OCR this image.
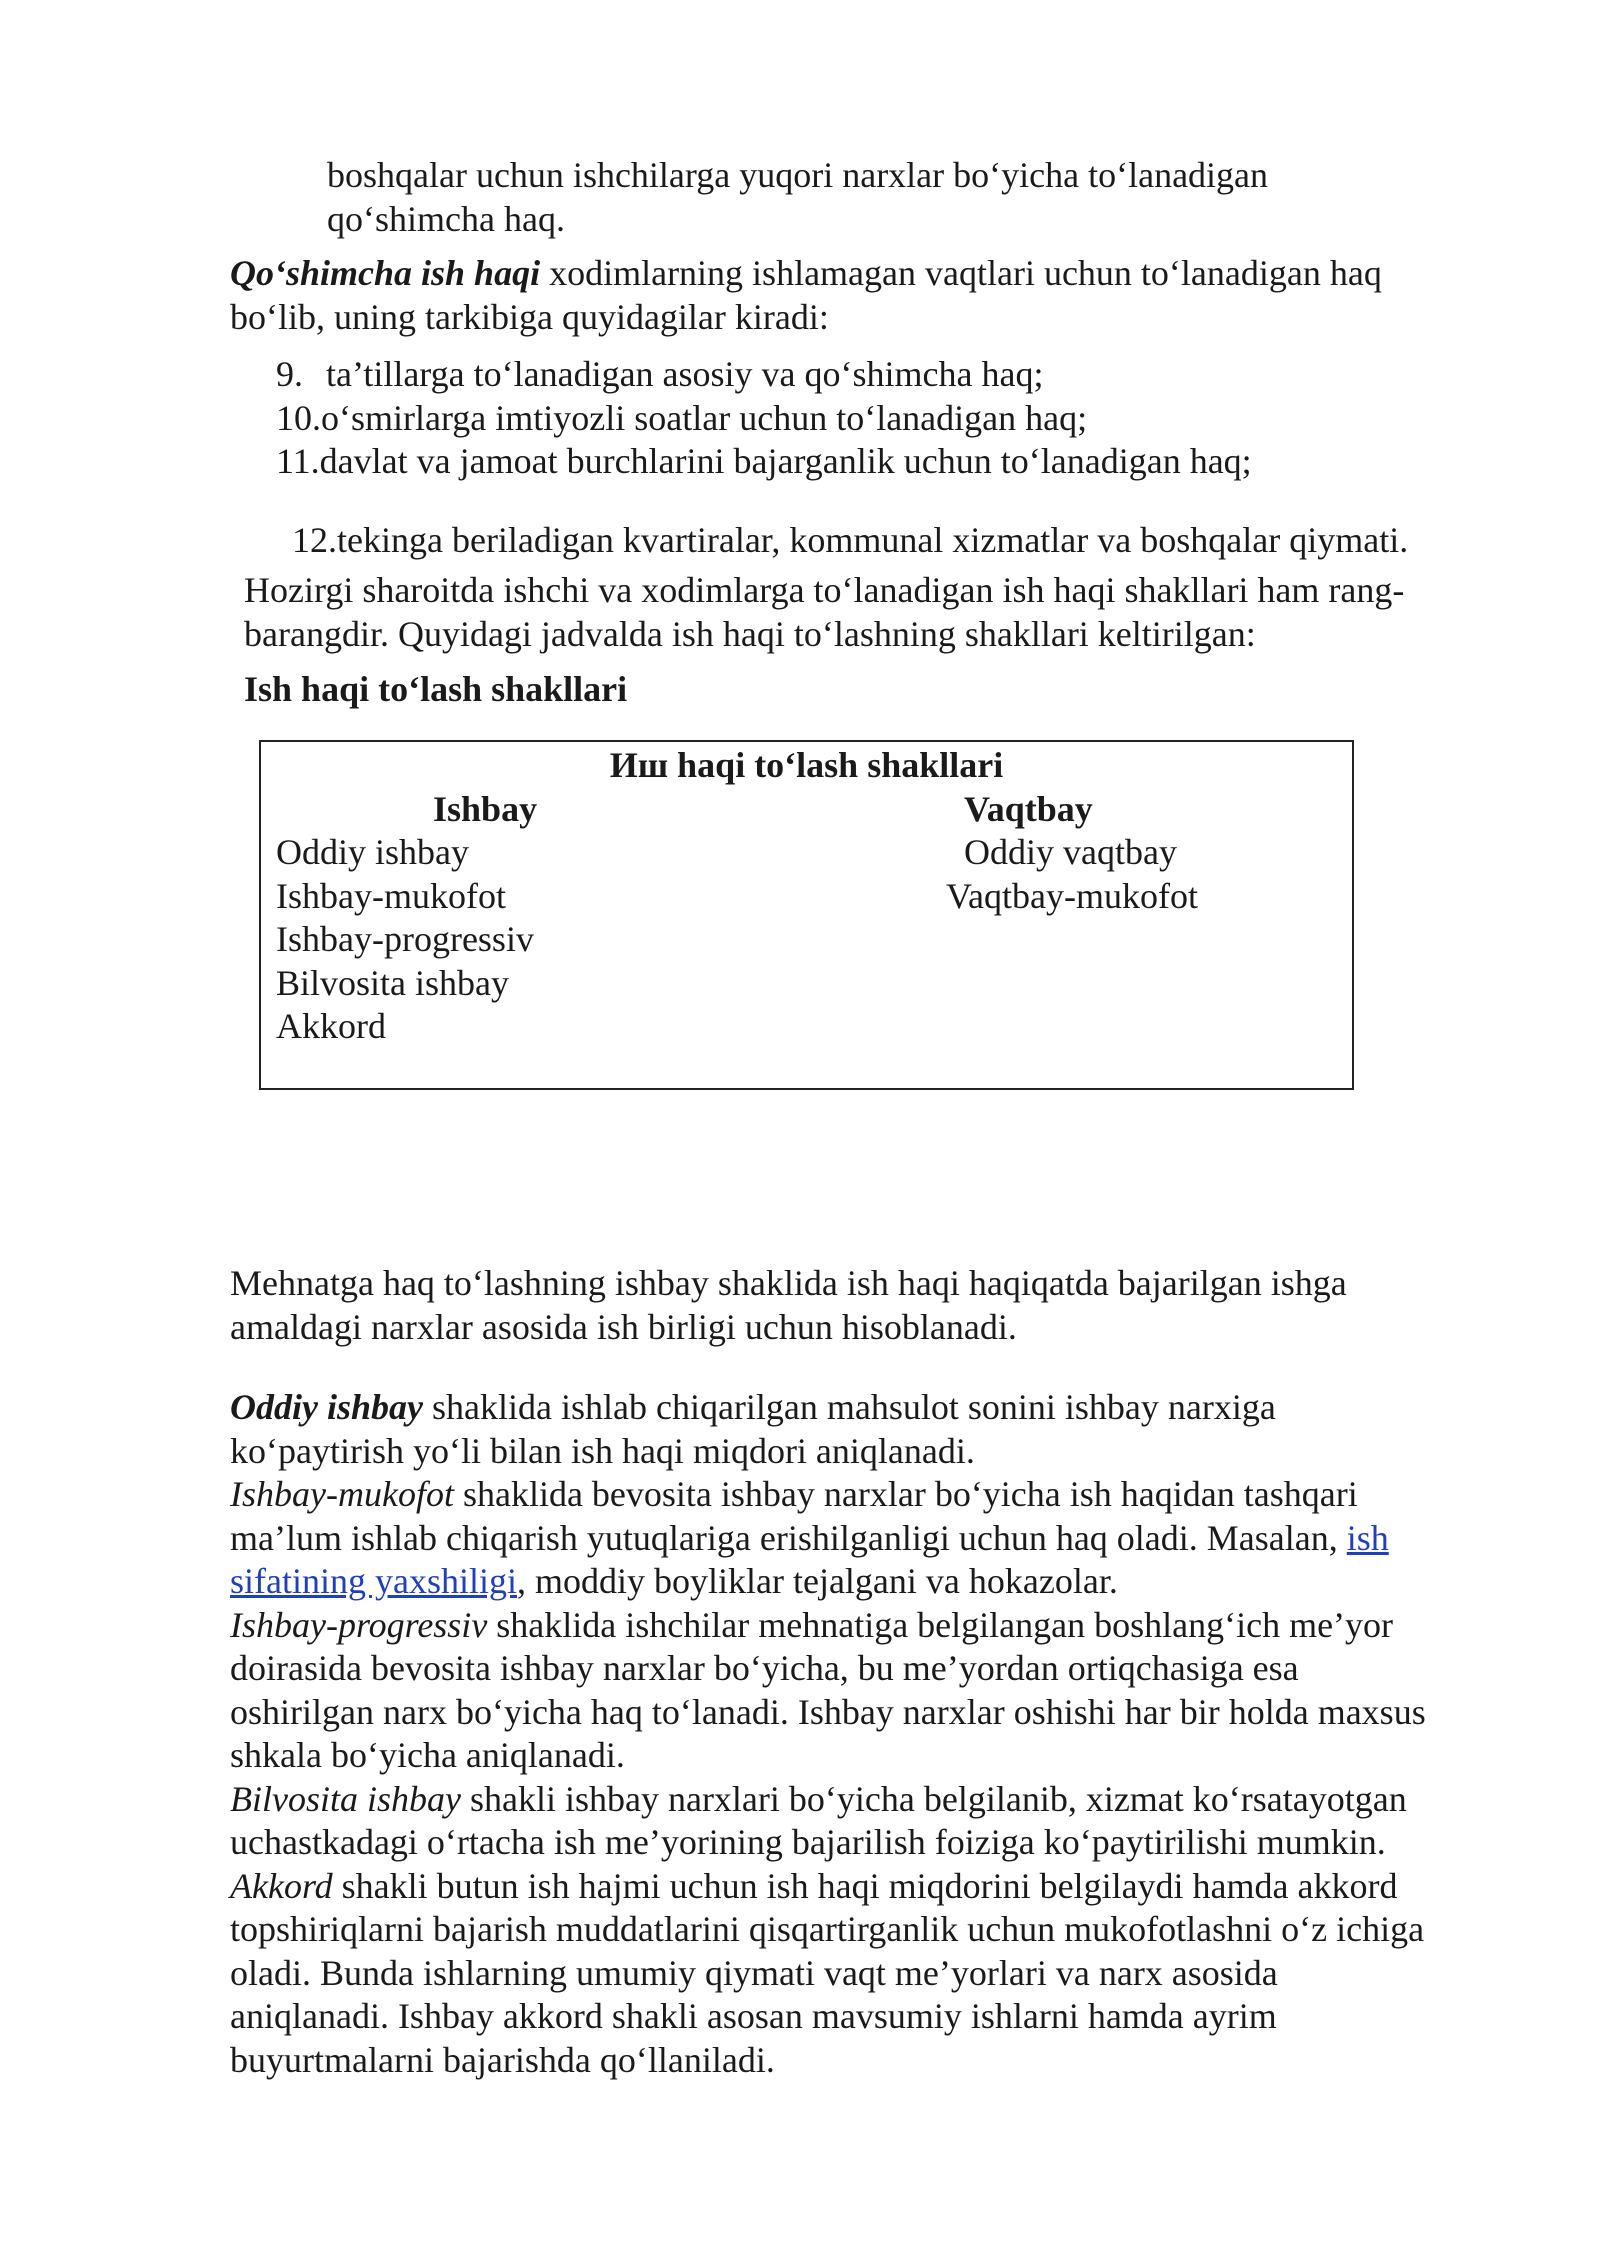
boshqalar uchun ishchilarga yuqori narxlar bo‘yicha to‘lanadigan
qo‘shimcha haq.

Qo‘shimcha ish haqi xodimlarning ishlamagan vaqtlari uchun to‘lanadigan haq
bo‘lib, uning tarkibiga quyidagilar kiradi:

9. ta’tillarga to‘lanadigan asosiy va qo‘shimcha haq;
10.o‘smirlarga imtiyozli soatlar uchun to‘lanadigan haq;
11.davlat va jamoat burchlarini bajarganlik uchun to‘lanadigan haq;
12.tekinga beriladigan kvartiralar, kommunal xizmatlar va boshqalar qiymati.

Hozirgi sharoitda ishchi va xodimlarga to‘lanadigan ish haqi shakllari ham rang-
barangdir. Quyidagi jadvalda ish haqi to‘lashning shakllari keltirilgan:

Ish haqi to‘lash shakllari

Иш haqi to‘lash shakllari
Ishbay	Vaqtbay
Oddiy ishbay
Ishbay-mukofot
Ishbay-progressiv
Bilvosita ishbay
Akkord
Oddiy vaqtbay
Vaqtbay-mukofot

Mehnatga haq to‘lashning ishbay shaklida ish haqi haqiqatda bajarilgan ishga
amaldagi narxlar asosida ish birligi uchun hisoblanadi.

Oddiy ishbay shaklida ishlab chiqarilgan mahsulot sonini ishbay narxiga
ko‘paytirish yo‘li bilan ish haqi miqdori aniqlanadi.
Ishbay-mukofot shaklida bevosita ishbay narxlar bo‘yicha ish haqidan tashqari
ma’lum ishlab chiqarish yutuqlariga erishilganligi uchun haq oladi. Masalan, ish
sifatining yaxshiligi, moddiy boyliklar tejalgani va hokazolar.
Ishbay-progressiv shaklida ishchilar mehnatiga belgilangan boshlang‘ich me’yor
doirasida bevosita ishbay narxlar bo‘yicha, bu me’yordan ortiqchasiga esa
oshirilgan narx bo‘yicha haq to‘lanadi. Ishbay narxlar oshishi har bir holda maxsus
shkala bo‘yicha aniqlanadi.
Bilvosita ishbay shakli ishbay narxlari bo‘yicha belgilanib, xizmat ko‘rsatayotgan
uchastkadagi o‘rtacha ish me’yorining bajarilish foiziga ko‘paytirilishi mumkin.
Akkord shakli butun ish hajmi uchun ish haqi miqdorini belgilaydi hamda akkord
topshiriqlarni bajarish muddatlarini qisqartirganlik uchun mukofotlashni o‘z ichiga
oladi. Bunda ishlarning umumiy qiymati vaqt me’yorlari va narx asosida
aniqlanadi. Ishbay akkord shakli asosan mavsumiy ishlarni hamda ayrim
buyurtmalarni bajarishda qo‘llaniladi.
